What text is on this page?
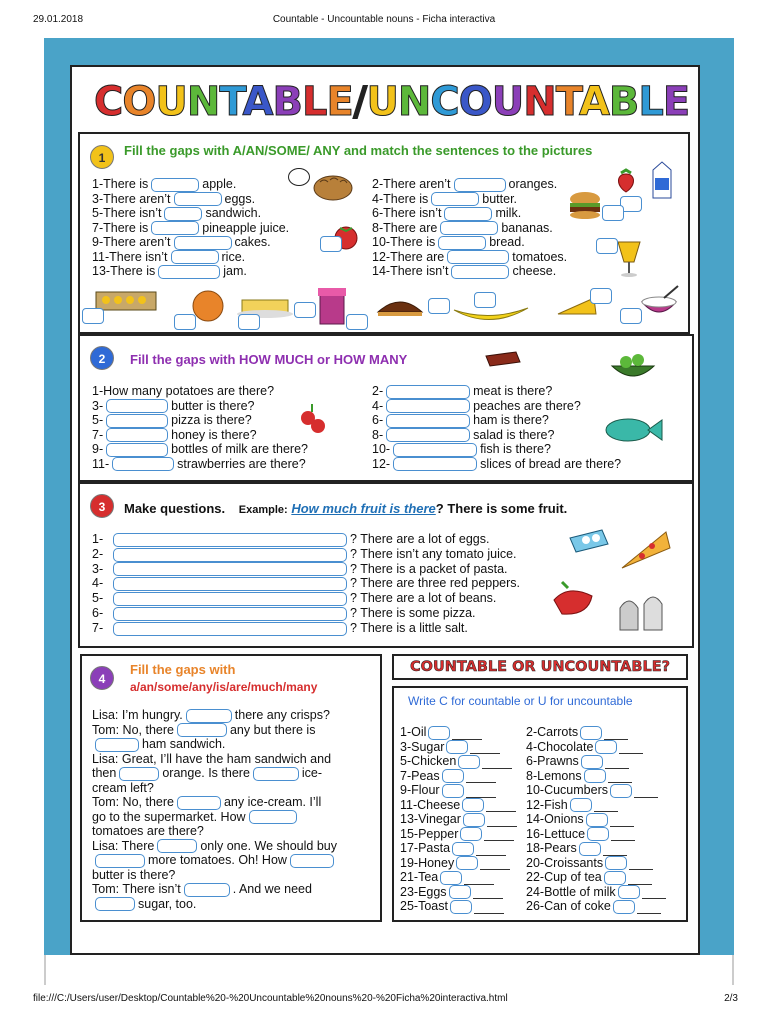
29.01.2018	Countable - Uncountable nouns - Ficha interactiva
file:///C:/Users/user/Desktop/Countable%20-%20Uncountable%20nouns%20-%20Ficha%20interactiva.html	2/3
COUNTABLE/UNCOUNTABLE
1	Fill the gaps with A/AN/SOME/ ANY and match the sentences to the pictures
1-There is	apple.
3-There aren’t	eggs.
5-There isn’t	sandwich.
7-There is	pineapple juice.
9-There aren’t	cakes.
11-There isn’t	rice.
13-There is	jam.
2-There aren’t	oranges.
4-There is	butter.
6-There isn’t	milk.
8-There are	bananas.
10-There is	bread.
12-There are	tomatoes.
14-There isn’t	cheese.
2	Fill the gaps with HOW MUCH or HOW MANY
1-How many potatoes are there?
3-	butter is there?
5-	pizza is there?
7-	honey is there?
9-	bottles of milk are there?
11-	strawberries are there?
2-	meat is there?
4-	peaches are there?
6-	ham is there?
8-	salad is there?
10-	fish is there?
12-	slices of bread are there?
3	Make questions. Example: How much fruit is there? There is some fruit.
1-	? There are a lot of eggs.
2-	? There isn’t any tomato juice.
3-	? There is a packet of pasta.
4-	? There are three red peppers.
5-	? There are a lot of beans.
6-	? There is some pizza.
7-	? There is a little salt.
4
Fill the gaps with
a/an/some/any/is/are/much/many
Lisa: I’m hungry.	there any crisps?
Tom: No, there	any but there is
ham sandwich.
Lisa: Great, I’ll have the ham sandwich and
then	orange. Is there	ice-
cream left?
Tom: No, there	any ice-cream. I’ll
go to the supermarket. How
tomatoes are there?
Lisa: There	only one. We should buy
more tomatoes. Oh! How
butter is there?
Tom: There isn’t	. And we need
sugar, too.
COUNTABLE OR UNCOUNTABLE?
Write C for countable or U for uncountable
1-Oil
3-Sugar
5-Chicken
7-Peas
9-Flour
11-Cheese
13-Vinegar
15-Pepper
17-Pasta
19-Honey
21-Tea
23-Eggs
25-Toast
2-Carrots
4-Chocolate
6-Prawns
8-Lemons
10-Cucumbers
12-Fish
14-Onions
16-Lettuce
18-Pears
20-Croissants
22-Cup of tea
24-Bottle of milk
26-Can of coke
